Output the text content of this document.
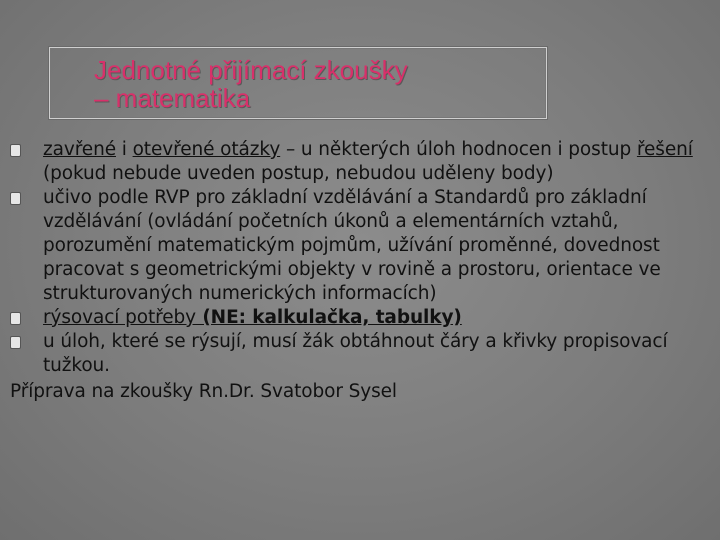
Jednotné přijímací zkoušky
– matematika

zavřené i otevřené otázky – u některých úloh hodnocen i postup řešení (pokud nebude uveden postup, nebudou uděleny body)

učivo podle RVP pro základní vzdělávání a Standardů pro základní vzdělávání (ovládání početních úkonů a elementárních vztahů, porozumění matematickým pojmům, užívání proměnné, dovednost pracovat s geometrickými objekty v rovině a prostoru, orientace ve strukturovaných numerických informacích)

rýsovací potřeby (NE: kalkulačka, tabulky)

u úloh, které se rýsují, musí žák obtáhnout čáry a křivky propisovací tužkou.

Příprava na zkoušky Rn.Dr. Svatobor Sysel
